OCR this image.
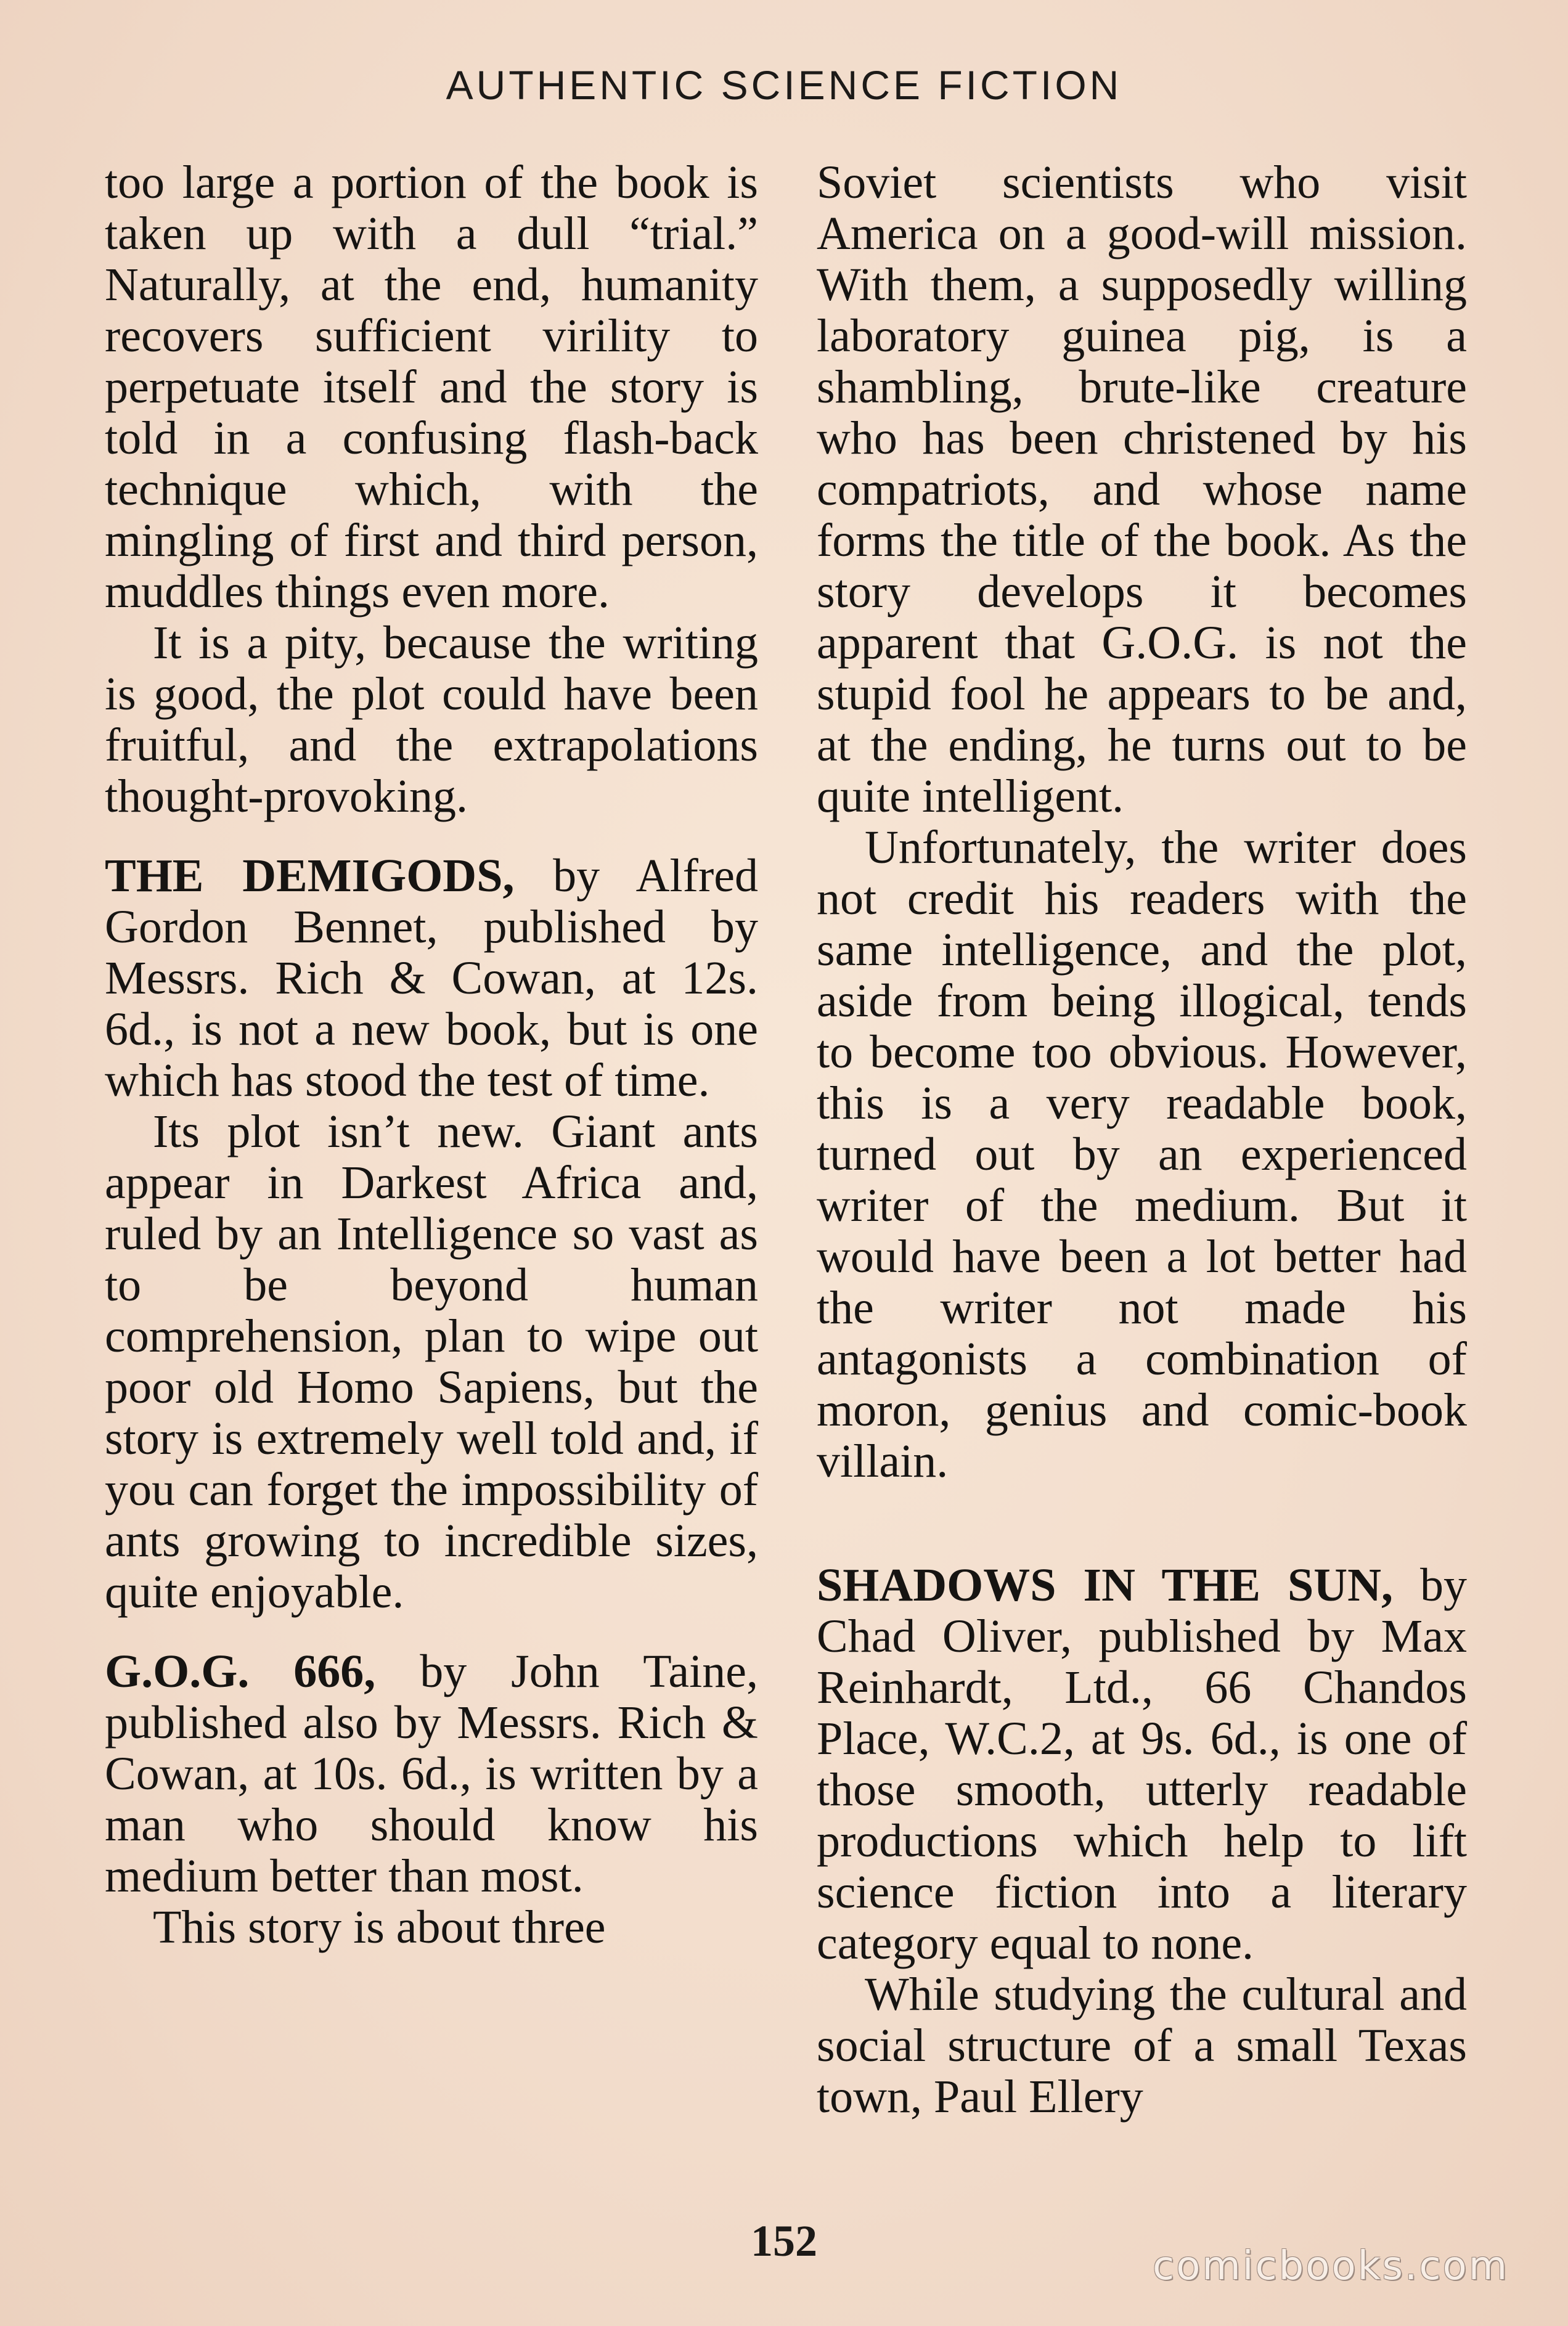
AUTHENTIC SCIENCE FICTION

too large a portion of the book is taken up with a dull “trial.” Naturally, at the end, humanity recovers sufficient virility to perpetuate itself and the story is told in a confusing flash-back technique which, with the mingling of first and third person, muddles things even more.

It is a pity, because the writing is good, the plot could have been fruitful, and the extrapolations thought-provoking.

THE DEMIGODS, by Alfred Gordon Bennet, published by Messrs. Rich & Cowan, at 12s. 6d., is not a new book, but is one which has stood the test of time.

Its plot isn’t new. Giant ants appear in Darkest Africa and, ruled by an Intelligence so vast as to be beyond human comprehension, plan to wipe out poor old Homo Sapiens, but the story is extremely well told and, if you can forget the impossibility of ants growing to incredible sizes, quite enjoyable.

G.O.G. 666, by John Taine, published also by Messrs. Rich & Cowan, at 10s. 6d., is written by a man who should know his medium better than most.

This story is about three

Soviet scientists who visit America on a good-will mission. With them, a supposedly willing laboratory guinea pig, is a shambling, brute-like creature who has been christened by his compatriots, and whose name forms the title of the book. As the story develops it becomes apparent that G.O.G. is not the stupid fool he appears to be and, at the ending, he turns out to be quite intelligent.

Unfortunately, the writer does not credit his readers with the same intelligence, and the plot, aside from being illogical, tends to become too obvious. However, this is a very readable book, turned out by an experienced writer of the medium. But it would have been a lot better had the writer not made his antagonists a combination of moron, genius and comic-book villain.

SHADOWS IN THE SUN, by Chad Oliver, published by Max Reinhardt, Ltd., 66 Chandos Place, W.C.2, at 9s. 6d., is one of those smooth, utterly readable productions which help to lift science fiction into a literary category equal to none.

While studying the cultural and social structure of a small Texas town, Paul Ellery

152
comicbooks.com
